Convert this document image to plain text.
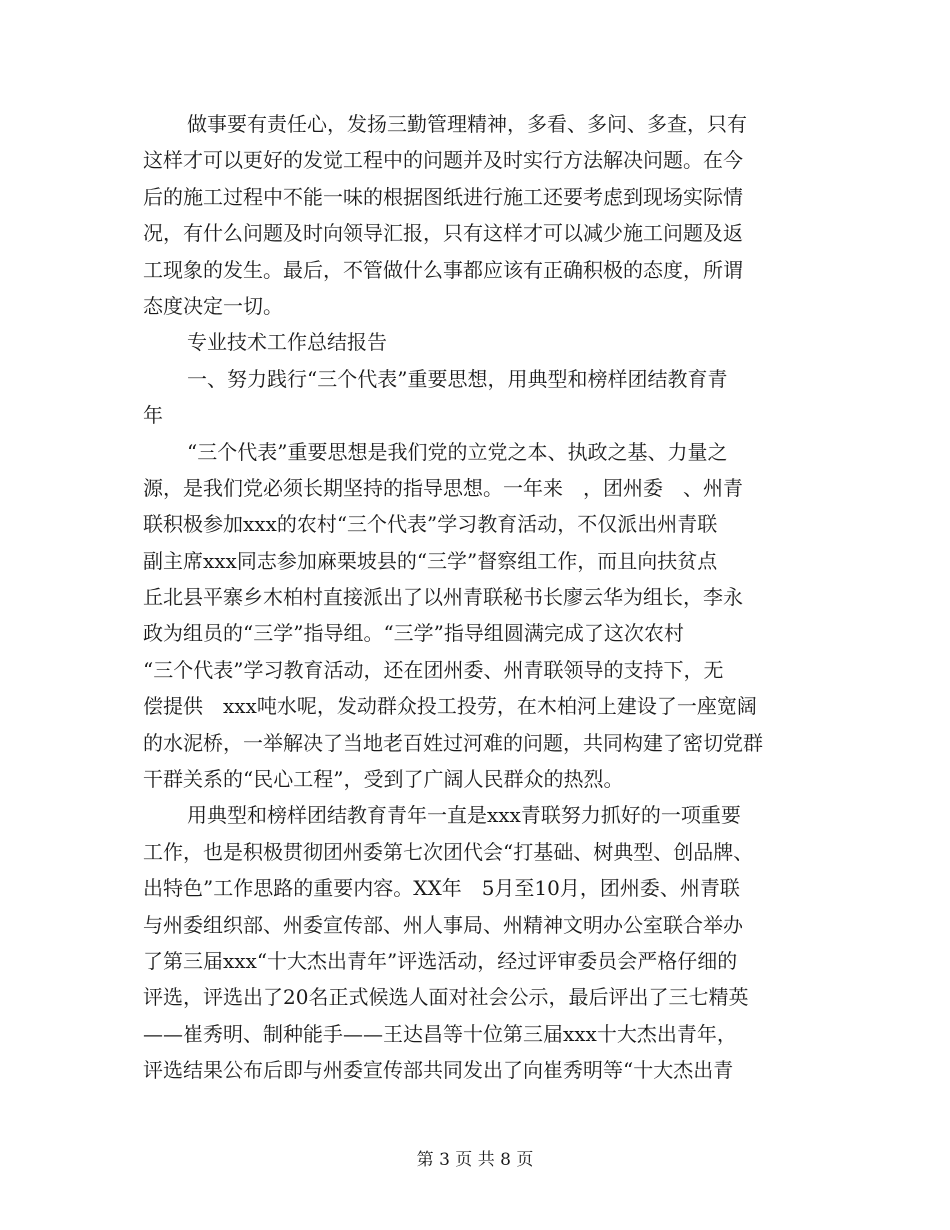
做事要有责任心，发扬三勤管理精神，多看、多问、多查，只有
这样才可以更好的发觉工程中的问题并及时实行方法解决问题。在今
后的施工过程中不能一味的根据图纸进行施工还要考虑到现场实际情
况，有什么问题及时向领导汇报，只有这样才可以减少施工问题及返
工现象的发生。最后，不管做什么事都应该有正确积极的态度，所谓
态度决定一切。
专业技术工作总结报告
一、努力践行“三个代表”重要思想，用典型和榜样团结教育青
年
“三个代表”重要思想是我们党的立党之本、执政之基、力量之
源，是我们党必须长期坚持的指导思想。一年来　，团州委　、州青
联积极参加xxx的农村“三个代表”学习教育活动，不仅派出州青联
副主席xxx同志参加麻栗坡县的“三学”督察组工作，而且向扶贫点
丘北县平寨乡木柏村直接派出了以州青联秘书长廖云华为组长，李永
政为组员的“三学”指导组。“三学”指导组圆满完成了这次农村
“三个代表”学习教育活动，还在团州委、州青联领导的支持下，无
偿提供　xxx吨水呢，发动群众投工投劳，在木柏河上建设了一座宽阔
的水泥桥，一举解决了当地老百姓过河难的问题，共同构建了密切党群
干群关系的“民心工程”，受到了广阔人民群众的热烈。
用典型和榜样团结教育青年一直是xxx青联努力抓好的一项重要
工作，也是积极贯彻团州委第七次团代会“打基础、树典型、创品牌、
出特色”工作思路的重要内容。XX年　5月至10月，团州委、州青联
与州委组织部、州委宣传部、州人事局、州精神文明办公室联合举办
了第三届xxx“十大杰出青年”评选活动，经过评审委员会严格仔细的
评选，评选出了20名正式候选人面对社会公示，最后评出了三七精英
——崔秀明、制种能手——王达昌等十位第三届xxx十大杰出青年，
评选结果公布后即与州委宣传部共同发出了向崔秀明等“十大杰出青
第 3 页 共 8 页
